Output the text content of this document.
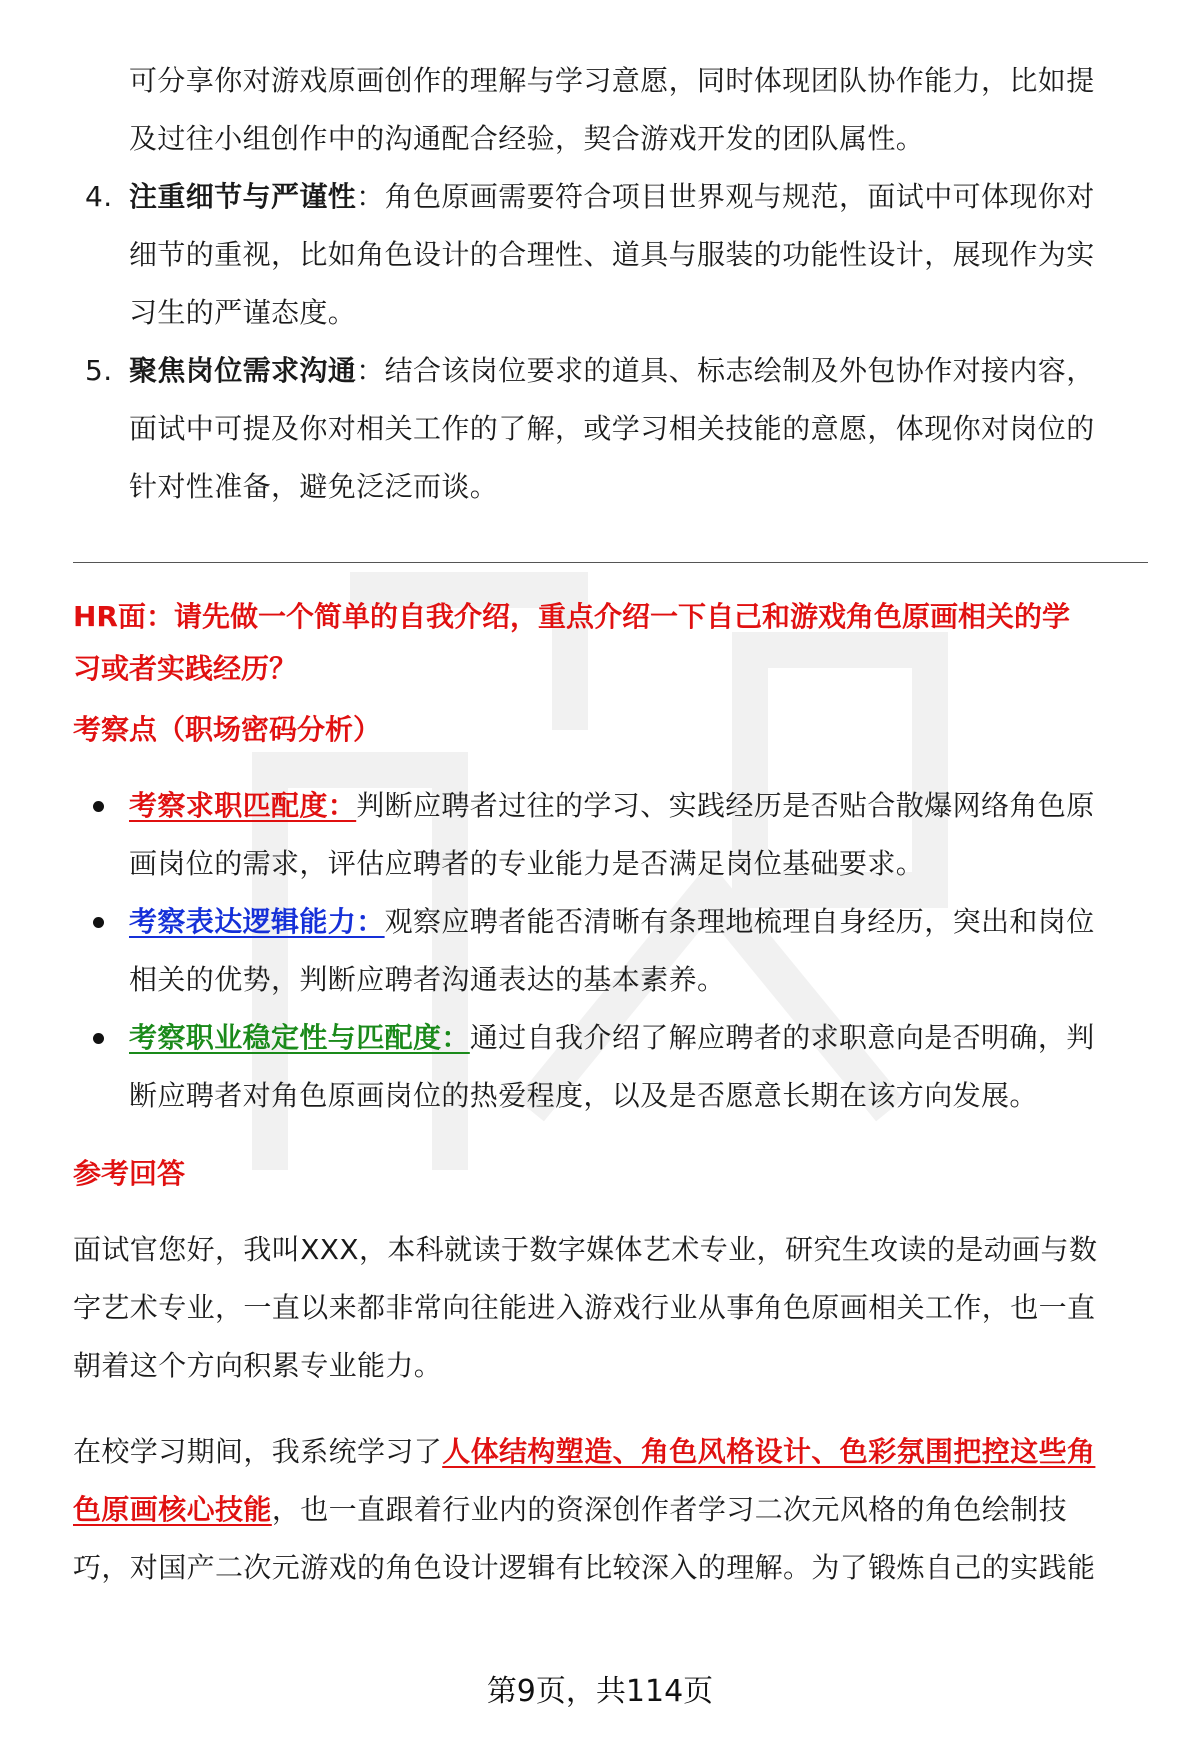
可分享你对游戏原画创作的理解与学习意愿，同时体现团队协作能力，比如提

及过往小组创作中的沟通配合经验，契合游戏开发的团队属性。

4. 注重细节与严谨性：角色原画需要符合项目世界观与规范，面试中可体现你对

细节的重视，比如角色设计的合理性、道具与服装的功能性设计，展现作为实

习生的严谨态度。

5. 聚焦岗位需求沟通：结合该岗位要求的道具、标志绘制及外包协作对接内容，

面试中可提及你对相关工作的了解，或学习相关技能的意愿，体现你对岗位的

针对性准备，避免泛泛而谈。

HR面：请先做一个简单的自我介绍，重点介绍一下自己和游戏角色原画相关的学

习或者实践经历？

考察点（职场密码分析）

考察求职匹配度：判断应聘者过往的学习、实践经历是否贴合散爆网络角色原

画岗位的需求，评估应聘者的专业能力是否满足岗位基础要求。

考察表达逻辑能力：观察应聘者能否清晰有条理地梳理自身经历，突出和岗位

相关的优势，判断应聘者沟通表达的基本素养。

考察职业稳定性与匹配度：通过自我介绍了解应聘者的求职意向是否明确，判

断应聘者对角色原画岗位的热爱程度，以及是否愿意长期在该方向发展。

参考回答

面试官您好，我叫XXX，本科就读于数字媒体艺术专业，研究生攻读的是动画与数

字艺术专业，一直以来都非常向往能进入游戏行业从事角色原画相关工作，也一直

朝着这个方向积累专业能力。

在校学习期间，我系统学习了人体结构塑造、角色风格设计、色彩氛围把控这些角

色原画核心技能，也一直跟着行业内的资深创作者学习二次元风格的角色绘制技

巧，对国产二次元游戏的角色设计逻辑有比较深入的理解。为了锻炼自己的实践能

第9页，共114页
